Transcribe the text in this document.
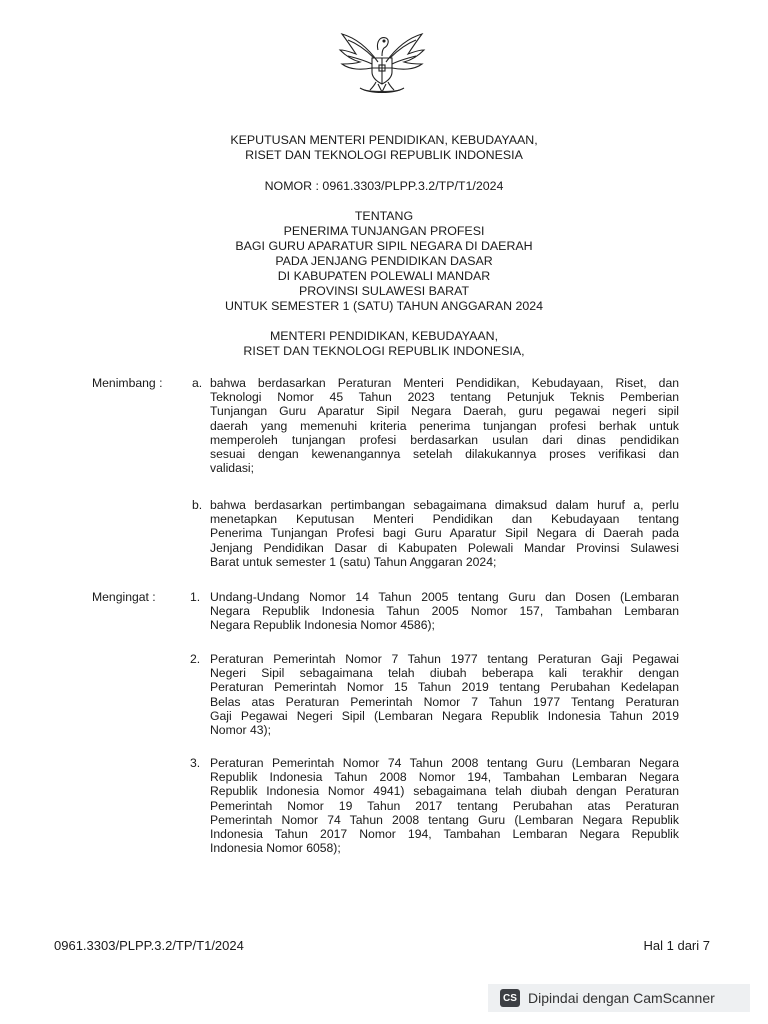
KEPUTUSAN MENTERI PENDIDIKAN, KEBUDAYAAN,
RISET DAN TEKNOLOGI REPUBLIK INDONESIA
NOMOR : 0961.3303/PLPP.3.2/TP/T1/2024
TENTANG
PENERIMA TUNJANGAN PROFESI
BAGI GURU APARATUR SIPIL NEGARA DI DAERAH
PADA JENJANG PENDIDIKAN DASAR
DI KABUPATEN POLEWALI MANDAR
PROVINSI SULAWESI BARAT
UNTUK SEMESTER 1 (SATU) TAHUN ANGGARAN 2024
MENTERI PENDIDIKAN, KEBUDAYAAN,
RISET DAN TEKNOLOGI REPUBLIK INDONESIA,
Menimbang : a. bahwa berdasarkan Peraturan Menteri Pendidikan, Kebudayaan, Riset, dan
Teknologi Nomor 45 Tahun 2023 tentang Petunjuk Teknis Pemberian
Tunjangan Guru Aparatur Sipil Negara Daerah, guru pegawai negeri sipil
daerah yang memenuhi kriteria penerima tunjangan profesi berhak untuk
memperoleh tunjangan profesi berdasarkan usulan dari dinas pendidikan
sesuai dengan kewenangannya setelah dilakukannya proses verifikasi dan
validasi;
b. bahwa berdasarkan pertimbangan sebagaimana dimaksud dalam huruf a, perlu
menetapkan Keputusan Menteri Pendidikan dan Kebudayaan tentang
Penerima Tunjangan Profesi bagi Guru Aparatur Sipil Negara di Daerah pada
Jenjang Pendidikan Dasar di Kabupaten Polewali Mandar Provinsi Sulawesi
Barat untuk semester 1 (satu) Tahun Anggaran 2024;
Mengingat :	1. Undang-Undang Nomor 14 Tahun 2005 tentang Guru dan Dosen (Lembaran
Negara Republik Indonesia Tahun 2005 Nomor 157, Tambahan Lembaran
Negara Republik Indonesia Nomor 4586);
2. Peraturan Pemerintah Nomor 7 Tahun 1977 tentang Peraturan Gaji Pegawai
Negeri Sipil sebagaimana telah diubah beberapa kali terakhir dengan
Peraturan Pemerintah Nomor 15 Tahun 2019 tentang Perubahan Kedelapan
Belas atas Peraturan Pemerintah Nomor 7 Tahun 1977 Tentang Peraturan
Gaji Pegawai Negeri Sipil (Lembaran Negara Republik Indonesia Tahun 2019
Nomor 43);
3. Peraturan Pemerintah Nomor 74 Tahun 2008 tentang Guru (Lembaran Negara
Republik Indonesia Tahun 2008 Nomor 194, Tambahan Lembaran Negara
Republik Indonesia Nomor 4941) sebagaimana telah diubah dengan Peraturan
Pemerintah Nomor 19 Tahun 2017 tentang Perubahan atas Peraturan
Pemerintah Nomor 74 Tahun 2008 tentang Guru (Lembaran Negara Republik
Indonesia Tahun 2017 Nomor 194, Tambahan Lembaran Negara Republik
Indonesia Nomor 6058);
0961.3303/PLPP.3.2/TP/T1/2024	Hal 1 dari 7
CS Dipindai dengan CamScanner
